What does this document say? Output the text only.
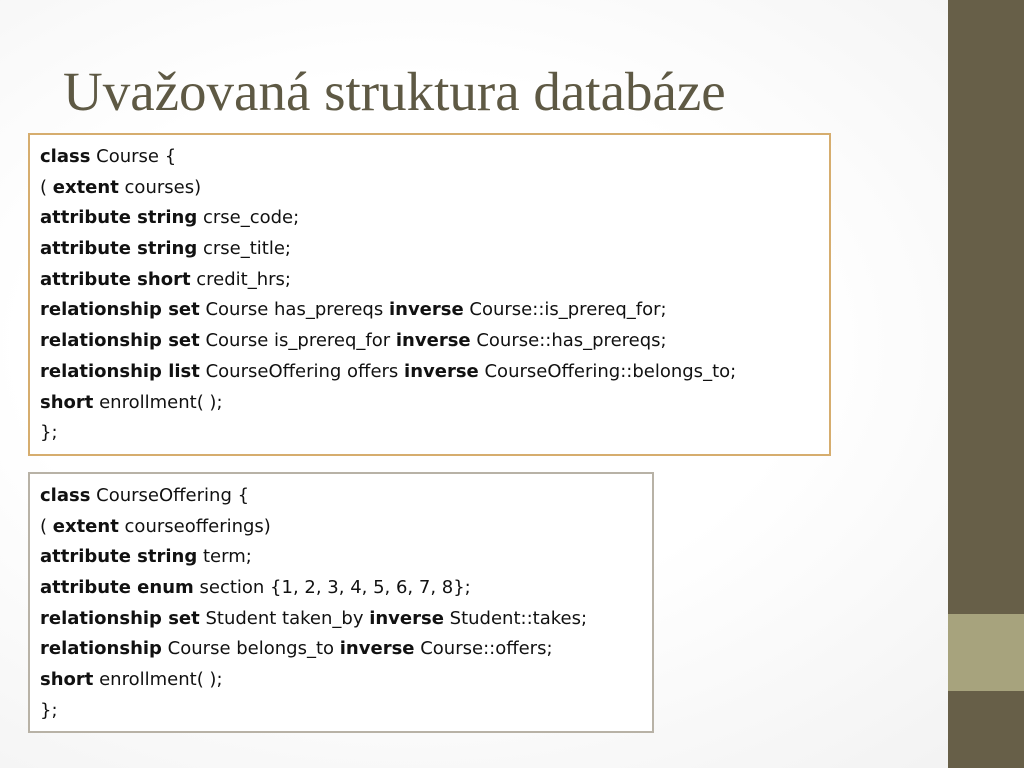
Uvažovaná struktura databáze
class Course {
( extent courses)
attribute string crse_code;
attribute string crse_title;
attribute short credit_hrs;
relationship set Course has_prereqs inverse Course::is_prereq_for;
relationship set Course is_prereq_for inverse Course::has_prereqs;
relationship list CourseOffering offers inverse CourseOffering::belongs_to;
short enrollment( );
};
class CourseOffering {
( extent courseofferings)
attribute string term;
attribute enum section {1, 2, 3, 4, 5, 6, 7, 8};
relationship set Student taken_by inverse Student::takes;
relationship Course belongs_to inverse Course::offers;
short enrollment( );
};
